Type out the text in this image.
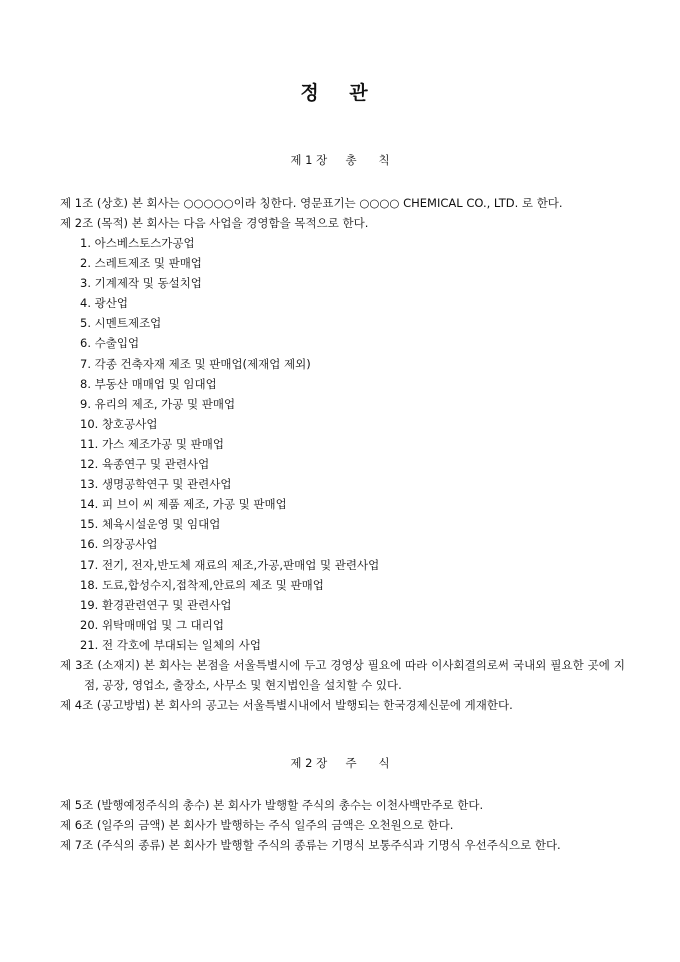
정 관
제 1 장     총      칙
제 1조 (상호) 본 회사는 ○○○○○이라 칭한다. 영문표기는 ○○○○ CHEMICAL CO., LTD. 로 한다.
제 2조 (목적) 본 회사는 다음 사업을 경영함을 목적으로 한다.
1. 아스베스토스가공업
2. 스레트제조 및 판매업
3. 기계제작 및 동설치업
4. 광산업
5. 시멘트제조업
6. 수출입업
7. 각종 건축자재 제조 및 판매업(제재업 제외)
8. 부동산 매매업 및 임대업
9. 유리의 제조, 가공 및 판매업
10. 창호공사업
11. 가스 제조가공 및 판매업
12. 육종연구 및 관련사업
13. 생명공학연구 및 관련사업
14. 피 브이 씨 제품 제조, 가공 및 판매업
15. 체육시설운영 및 임대업
16. 의장공사업
17. 전기, 전자,반도체 재료의 제조,가공,판매업 및 관련사업
18. 도료,합성수지,접착제,안료의 제조 및 판매업
19. 환경관련연구 및 관련사업
20. 위탁매매업 및 그 대리업
21. 전 각호에 부대되는 일체의 사업
제 3조 (소재지) 본 회사는 본점을 서울특별시에 두고 경영상 필요에 따라 이사회결의로써 국내외 필요한 곳에 지점, 공장, 영업소, 출장소, 사무소 및 현지법인을 설치할 수 있다.
제 4조 (공고방법) 본 회사의 공고는 서울특별시내에서 발행되는 한국경제신문에 게재한다.
제 2 장     주      식
제 5조 (발행예정주식의 총수) 본 회사가 발행할 주식의 총수는 이천사백만주로 한다.
제 6조 (일주의 금액) 본 회사가 발행하는 주식 일주의 금액은 오천원으로 한다.
제 7조 (주식의 종류) 본 회사가 발행할 주식의 종류는 기명식 보통주식과 기명식 우선주식으로 한다.
